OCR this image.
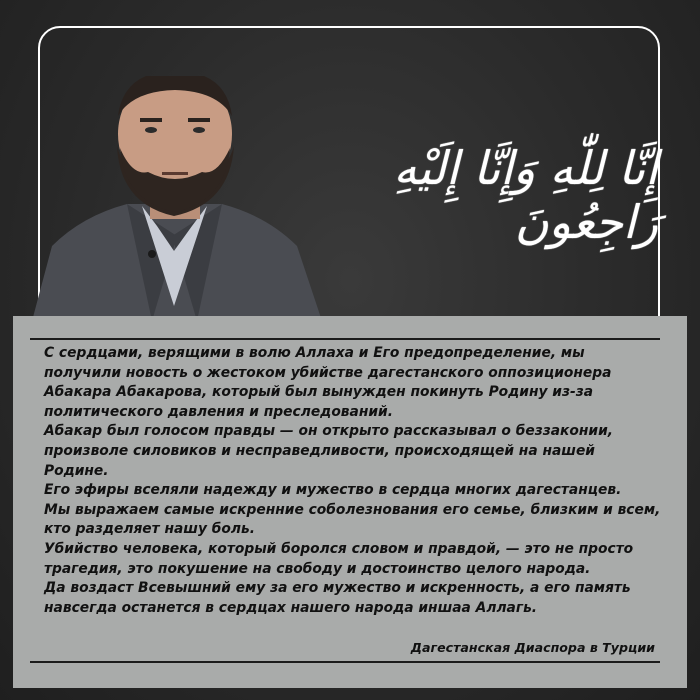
إِنَّا لِلّٰهِ وَإِنَّا إِلَيْهِ رَاجِعُونَ

С сердцами, верящими в волю Аллаха и Его предопределение, мы получили новость о жестоком убийстве дагестанского оппозиционера Абакара Абакарова, который был вынужден покинуть Родину из-за политического давления и преследований.

Абакар был голосом правды — он открыто рассказывал о беззаконии, произволе силовиков и несправедливости, происходящей на нашей Родине.

Его эфиры вселяли надежду и мужество в сердца многих дагестанцев.

Мы выражаем самые искренние соболезнования его семье, близким и всем, кто разделяет нашу боль.

Убийство человека, который боролся словом и правдой, — это не просто трагедия, это покушение на свободу и достоинство целого народа.

Да воздаст Всевышний ему за его мужество и искренность, а его память навсегда останется в сердцах нашего народа иншаа Аллагь.

Дагестанская Диаспора в Турции
